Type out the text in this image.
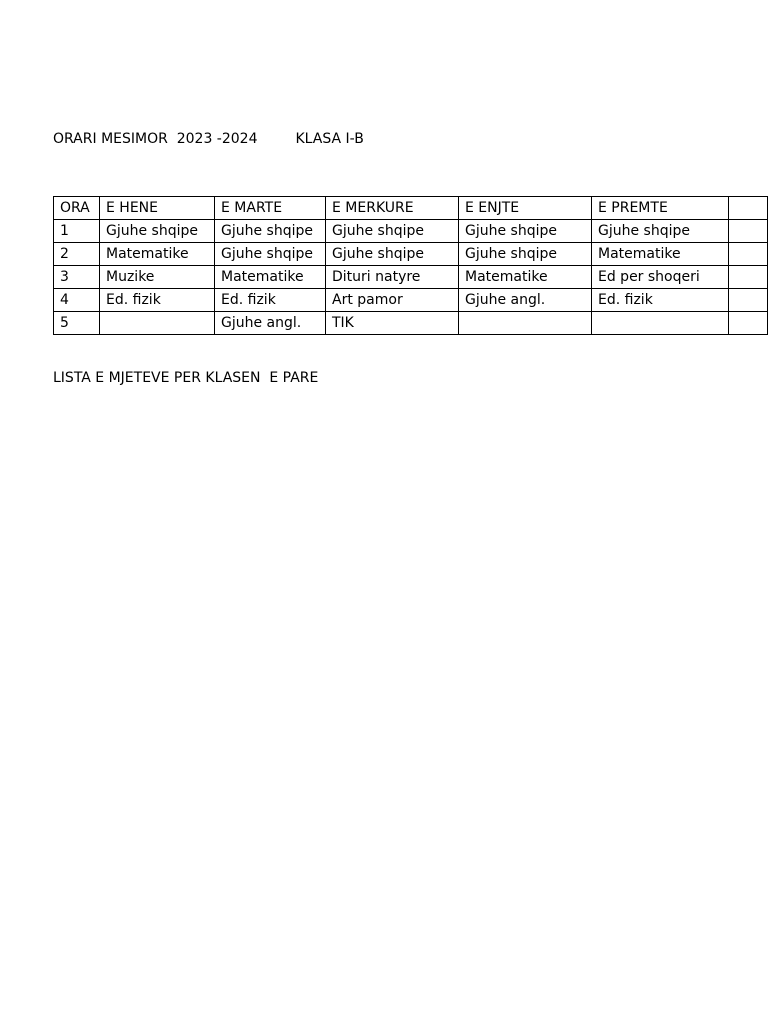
ORARI MESIMOR  2023 -2024	KLASA I-B
ORA	E HENE	E MARTE	E MERKURE	E ENJTE	E PREMTE	
1	Gjuhe shqipe	Gjuhe shqipe	Gjuhe shqipe	Gjuhe shqipe	Gjuhe shqipe	
2	Matematike	Gjuhe shqipe	Gjuhe shqipe	Gjuhe shqipe	Matematike	
3	Muzike	Matematike	Dituri natyre	Matematike	Ed per shoqeri	
4	Ed. fizik	Ed. fizik	Art pamor	Gjuhe angl.	Ed. fizik	
5		Gjuhe angl.	TIK			
LISTA E MJETEVE PER KLASEN  E PARE
